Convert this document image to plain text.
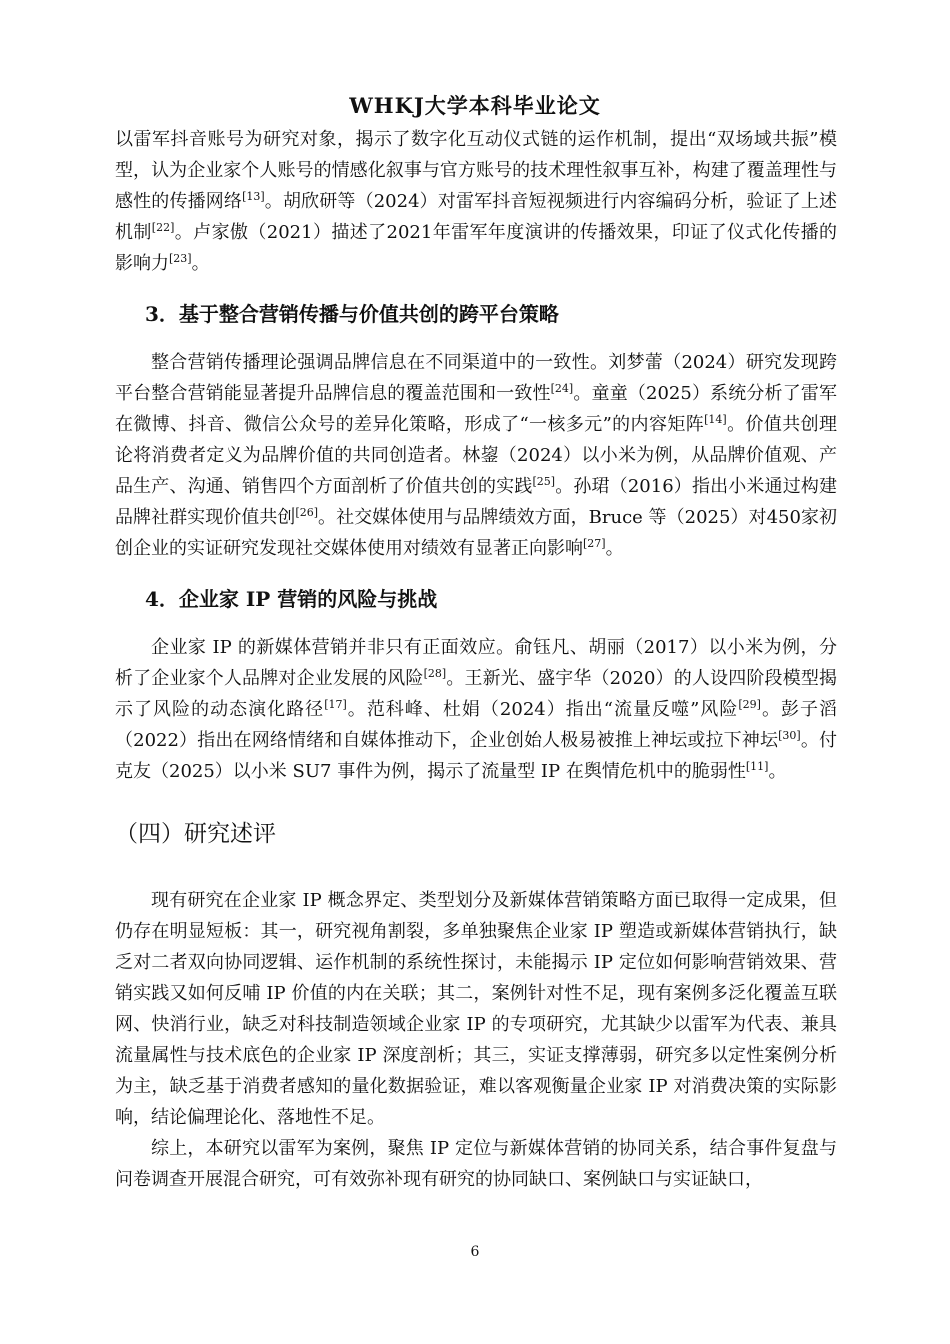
WHKJ大学本科毕业论文

以雷军抖音账号为研究对象，揭示了数字化互动仪式链的运作机制，提出“双场域共振”模型，认为企业家个人账号的情感化叙事与官方账号的技术理性叙事互补，构建了覆盖理性与感性的传播网络[13]。胡欣研等（2024）对雷军抖音短视频进行内容编码分析，验证了上述机制[22]。卢家傲（2021）描述了2021年雷军年度演讲的传播效果，印证了仪式化传播的影响力[23]。

3．基于整合营销传播与价值共创的跨平台策略

整合营销传播理论强调品牌信息在不同渠道中的一致性。刘梦蕾（2024）研究发现跨平台整合营销能显著提升品牌信息的覆盖范围和一致性[24]。童童（2025）系统分析了雷军在微博、抖音、微信公众号的差异化策略，形成了“一核多元”的内容矩阵[14]。价值共创理论将消费者定义为品牌价值的共同创造者。林鋆（2024）以小米为例，从品牌价值观、产品生产、沟通、销售四个方面剖析了价值共创的实践[25]。孙珺（2016）指出小米通过构建品牌社群实现价值共创[26]。社交媒体使用与品牌绩效方面，Bruce 等（2025）对450家初创企业的实证研究发现社交媒体使用对绩效有显著正向影响[27]。

4．企业家 IP 营销的风险与挑战

企业家 IP 的新媒体营销并非只有正面效应。俞钰凡、胡丽（2017）以小米为例，分析了企业家个人品牌对企业发展的风险[28]。王新光、盛宇华（2020）的人设四阶段模型揭示了风险的动态演化路径[17]。范科峰、杜娟（2024）指出“流量反噬”风险[29]。彭子滔（2022）指出在网络情绪和自媒体推动下，企业创始人极易被推上神坛或拉下神坛[30]。付克友（2025）以小米 SU7 事件为例，揭示了流量型 IP 在舆情危机中的脆弱性[11]。

（四）研究述评

现有研究在企业家 IP 概念界定、类型划分及新媒体营销策略方面已取得一定成果，但仍存在明显短板：其一，研究视角割裂，多单独聚焦企业家 IP 塑造或新媒体营销执行，缺乏对二者双向协同逻辑、运作机制的系统性探讨，未能揭示 IP 定位如何影响营销效果、营销实践又如何反哺 IP 价值的内在关联；其二，案例针对性不足，现有案例多泛化覆盖互联网、快消行业，缺乏对科技制造领域企业家 IP 的专项研究，尤其缺少以雷军为代表、兼具流量属性与技术底色的企业家 IP 深度剖析；其三，实证支撑薄弱，研究多以定性案例分析为主，缺乏基于消费者感知的量化数据验证，难以客观衡量企业家 IP 对消费决策的实际影响，结论偏理论化、落地性不足。

综上，本研究以雷军为案例，聚焦 IP 定位与新媒体营销的协同关系，结合事件复盘与问卷调查开展混合研究，可有效弥补现有研究的协同缺口、案例缺口与实证缺口，

6
